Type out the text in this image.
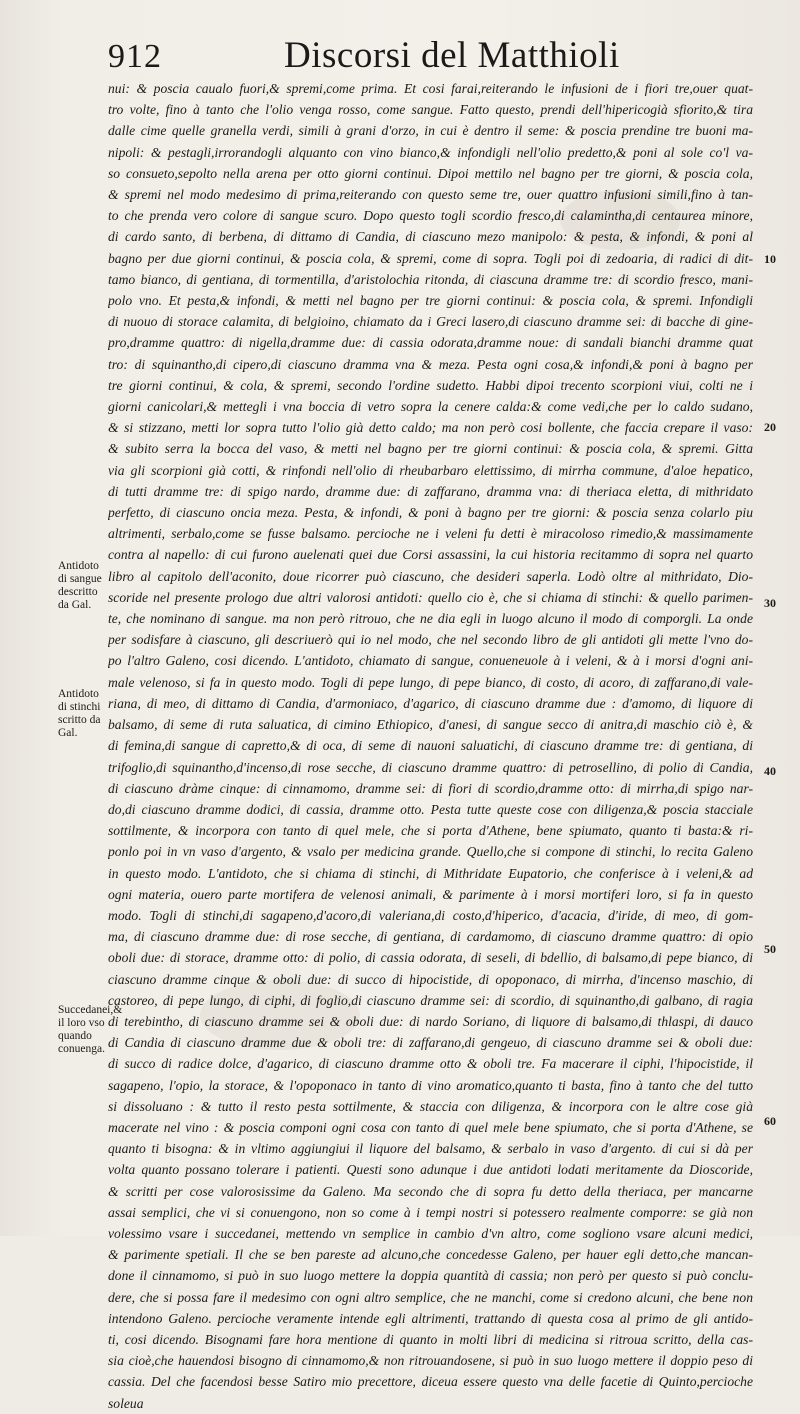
912	Discorsi del Matthioli
nui: & poscia caualo fuori,& spremi,come prima. Et cosi farai,reiterando le infusioni de i fiori tre,ouer quat-
tro volte, fino à tanto che l'olio venga rosso, come sangue. Fatto questo, prendi dell'hipericogià sfiorito,& tira
dalle cime quelle granella verdi, simili à grani d'orzo, in cui è dentro il seme: & poscia prendine tre buoni ma-
nipoli: & pestagli,irrorandogli alquanto con vino bianco,& infondigli nell'olio predetto,& poni al sole co'l va-
so consueto,sepolto nella arena per otto giorni continui. Dipoi mettilo nel bagno per tre giorni, & poscia cola,
& spremi nel modo medesimo di prima,reiterando con questo seme tre, ouer quattro infusioni simili,fino à tan-
to che prenda vero colore di sangue scuro. Dopo questo togli scordio fresco,di calamintha,di centaurea minore,
di cardo santo, di berbena, di dittamo di Candia, di ciascuno mezo manipolo: & pesta, & infondi, & poni al
bagno per due giorni continui, & poscia cola, & spremi, come di sopra. Togli poi di zedoaria, di radici di dit-
tamo bianco, di gentiana, di tormentilla, d'aristolochia ritonda, di ciascuna dramme tre: di scordio fresco, mani-
polo vno. Et pesta,& infondi, & metti nel bagno per tre giorni continui: & poscia cola, & spremi. Infondigli
di nuouo di storace calamita, di belgioino, chiamato da i Greci lasero,di ciascuno dramme sei: di bacche di gine-
pro,dramme quattro: di nigella,dramme due: di cassia odorata,dramme noue: di sandali bianchi dramme quat
tro: di squinantho,di cipero,di ciascuno dramma vna & meza. Pesta ogni cosa,& infondi,& poni à bagno per
tre giorni continui, & cola, & spremi, secondo l'ordine sudetto. Habbi dipoi trecento scorpioni viui, colti ne i
giorni canicolari,& mettegli i vna boccia di vetro sopra la cenere calda:& come vedi,che per lo caldo sudano,
& si stizzano, metti lor sopra tutto l'olio già detto caldo; ma non però cosi bollente, che faccia crepare il vaso:
& subito serra la bocca del vaso, & metti nel bagno per tre giorni continui: & poscia cola, & spremi. Gitta
via gli scorpioni già cotti, & rinfondi nell'olio di rheubarbaro elettissimo, di mirrha commune, d'aloe hepatico,
di tutti dramme tre: di spigo nardo, dramme due: di zaffarano, dramma vna: di theriaca eletta, di mithridato
perfetto, di ciascuno oncia meza. Pesta, & infondi, & poni à bagno per tre giorni: & poscia senza colarlo piu
altrimenti, serbalo,come se fusse balsamo. percioche ne i veleni fu detti è miracoloso rimedio,& massimamente
contra al napello: di cui furono auelenati quei due Corsi assassini, la cui historia recitammo di sopra nel quarto
libro al capitolo dell'aconito, doue ricorrer può ciascuno, che desideri saperla. Lodò oltre al mithridato, Dio-
scoride nel presente prologo due altri valorosi antidoti: quello cio è, che si chiama di stinchi: & quello parimen-
te, che nominano di sangue. ma non però ritrouo, che ne dia egli in luogo alcuno il modo di comporgli. La onde
per sodisfare à ciascuno, gli descriuerò qui io nel modo, che nel secondo libro de gli antidoti gli mette l'vno do-
po l'altro Galeno, cosi dicendo. L'antidoto, chiamato di sangue, conueneuole à i veleni, & à i morsi d'ogni ani-
male velenoso, si fa in questo modo. Togli di pepe lungo, di pepe bianco, di costo, di acoro, di zaffarano,di vale-
riana, di meo, di dittamo di Candia, d'armoniaco, d'agarico, di ciascuno dramme due : d'amomo, di liquore di
balsamo, di seme di ruta saluatica, di cimino Ethiopico, d'anesi, di sangue secco di anitra,di maschio ciò è, &
di femina,di sangue di capretto,& di oca, di seme di nauoni saluatichi, di ciascuno dramme tre: di gentiana, di
trifoglio,di squinantho,d'incenso,di rose secche, di ciascuno dramme quattro: di petrosellino, di polio di Candia,
di ciascuno dràme cinque: di cinnamomo, dramme sei: di fiori di scordio,dramme otto: di mirrha,di spigo nar-
do,di ciascuno dramme dodici, di cassia, dramme otto. Pesta tutte queste cose con diligenza,& poscia stacciale
sottilmente, & incorpora con tanto di quel mele, che si porta d'Athene, bene spiumato, quanto ti basta:& ri-
ponlo poi in vn vaso d'argento, & vsalo per medicina grande. Quello,che si compone di stinchi, lo recita Galeno
in questo modo. L'antidoto, che si chiama di stinchi, di Mithridate Eupatorio, che conferisce à i veleni,& ad
ogni materia, ouero parte mortifera de velenosi animali, & parimente à i morsi mortiferi loro, si fa in questo
modo. Togli di stinchi,di sagapeno,d'acoro,di valeriana,di costo,d'hiperico, d'acacia, d'iride, di meo, di gom-
ma, di ciascuno dramme due: di rose secche, di gentiana, di cardamomo, di ciascuno dramme quattro: di opio
oboli due: di storace, dramme otto: di polio, di cassia odorata, di seseli, di bdellio, di balsamo,di pepe bianco, di
ciascuno dramme cinque & oboli due: di succo di hipocistide, di opoponaco, di mirrha, d'incenso maschio, di
castoreo, di pepe lungo, di ciphi, di foglio,di ciascuno dramme sei: di scordio, di squinantho,di galbano, di ragia
di terebintho, di ciascuno dramme sei & oboli due: di nardo Soriano, di liquore di balsamo,di thlaspi, di dauco
di Candia di ciascuno dramme due & oboli tre: di zaffarano,di gengeuo, di ciascuno dramme sei & oboli due:
di succo di radice dolce, d'agarico, di ciascuno dramme otto & oboli tre. Fa macerare il ciphi, l'hipocistide, il
sagapeno, l'opio, la storace, & l'opoponaco in tanto di vino aromatico,quanto ti basta, fino à tanto che del tutto
si dissoluano : & tutto il resto pesta sottilmente, & staccia con diligenza, & incorpora con le altre cose già
macerate nel vino : & poscia componi ogni cosa con tanto di quel mele bene spiumato, che si porta d'Athene, se
quanto ti bisogna: & in vltimo aggiungiui il liquore del balsamo, & serbalo in vaso d'argento. di cui si dà per
volta quanto possano tolerare i patienti. Questi sono adunque i due antidoti lodati meritamente da Dioscoride,
& scritti per cose valorosissime da Galeno. Ma secondo che di sopra fu detto della theriaca, per mancarne
assai semplici, che vi si conuengono, non so come à i tempi nostri si potessero realmente comporre: se già non
volessimo vsare i succedanei, mettendo vn semplice in cambio d'vn altro, come sogliono vsare alcuni medici,
& parimente spetiali. Il che se ben pareste ad alcuno,che concedesse Galeno, per hauer egli detto,che mancan-
done il cinnamomo, si può in suo luogo mettere la doppia quantità di cassia; non però per questo si può conclu-
dere, che si possa fare il medesimo con ogni altro semplice, che ne manchi, come si credono alcuni, che bene non
intendono Galeno. percioche veramente intende egli altrimenti, trattando di questa cosa al primo de gli antido-
ti, cosi dicendo. Bisognami fare hora mentione di quanto in molti libri di medicina si ritroua scritto, della cas-
sia cioè,che hauendosi bisogno di cinnamomo,& non ritrouandosene, si può in suo luogo mettere il doppio peso di
cassia. Del che facendosi besse Satiro mio precettore, diceua essere questo vna delle facetie di Quinto,percioche
soleua
Antidoto di sangue descritto da Gal.
Antidoto di stinchi scritto da Gal.
Succedanei,& il loro vso quando conuenga.
10
20
30
40
50
60
